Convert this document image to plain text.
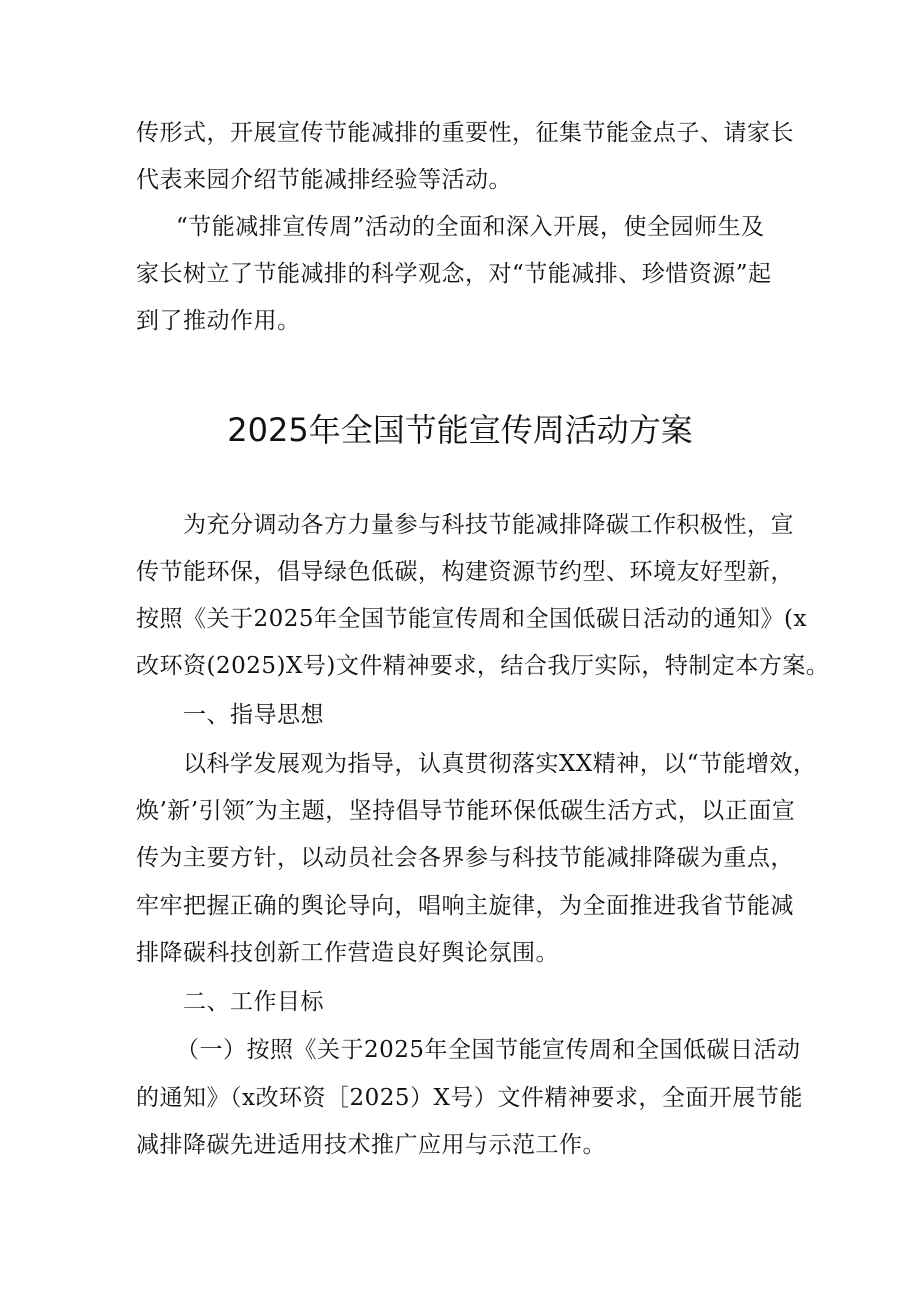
传形式，开展宣传节能减排的重要性，征集节能金点子、请家长
代表来园介绍节能减排经验等活动。
“节能减排宣传周”活动的全面和深入开展，使全园师生及
家长树立了节能减排的科学观念，对“节能减排、珍惜资源”起
到了推动作用。
2025年全国节能宣传周活动方案
为充分调动各方力量参与科技节能减排降碳工作积极性，宣
传节能环保，倡导绿色低碳，构建资源节约型、环境友好型新，
按照《关于2025年全国节能宣传周和全国低碳日活动的通知》(x
改环资(2025)X号)文件精神要求，结合我厅实际，特制定本方案。
一、指导思想
以科学发展观为指导，认真贯彻落实XX精神，以“节能增效，
焕’新’引领″为主题，坚持倡导节能环保低碳生活方式，以正面宣
传为主要方针，以动员社会各界参与科技节能减排降碳为重点，
牢牢把握正确的舆论导向，唱响主旋律，为全面推进我省节能减
排降碳科技创新工作营造良好舆论氛围。
二、工作目标
（一）按照《关于2025年全国节能宣传周和全国低碳日活动
的通知》（x改环资［2025）X号）文件精神要求，全面开展节能
减排降碳先进适用技术推广应用与示范工作。
